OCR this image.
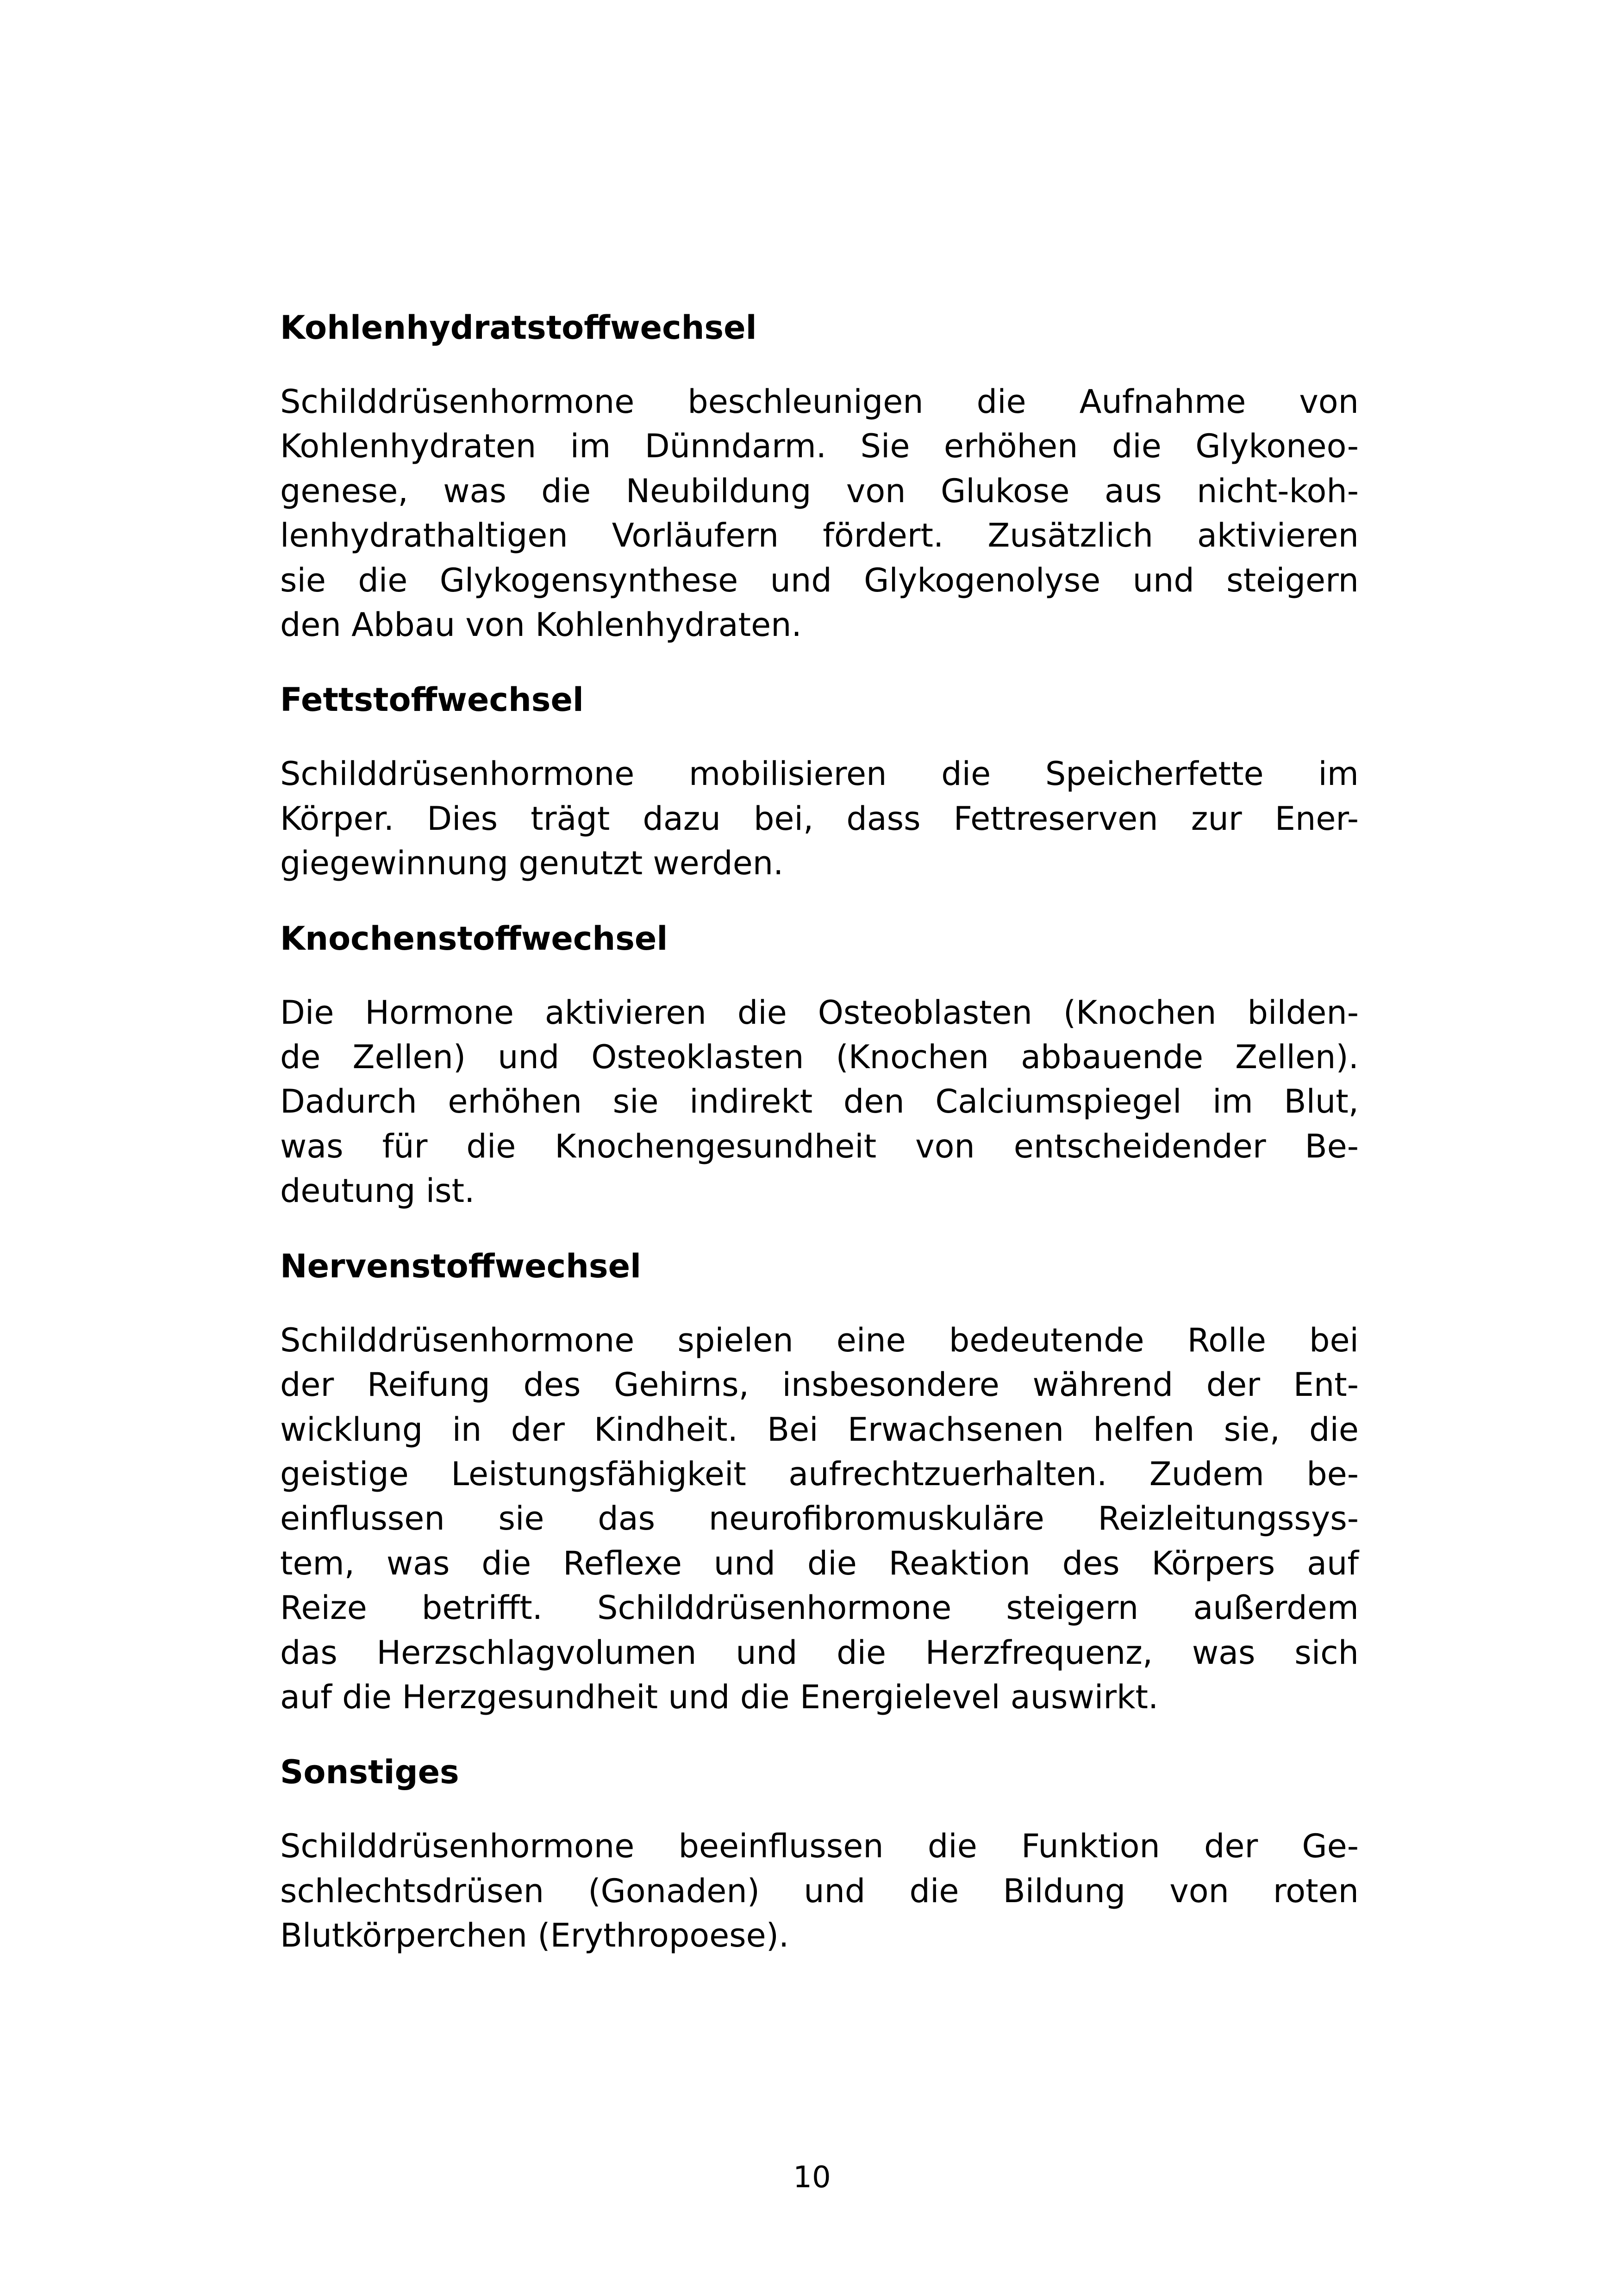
Kohlenhydratstoffwechsel
Schilddrüsenhormone beschleunigen die Aufnahme von
Kohlenhydraten im Dünndarm. Sie erhöhen die Glykoneo-
genese, was die Neubildung von Glukose aus nicht-koh-
lenhydrathaltigen Vorläufern fördert. Zusätzlich aktivieren
sie die Glykogensynthese und Glykogenolyse und steigern
den Abbau von Kohlenhydraten.
Fettstoffwechsel
Schilddrüsenhormone mobilisieren die Speicherfette im
Körper. Dies trägt dazu bei, dass Fettreserven zur Ener-
giegewinnung genutzt werden.
Knochenstoffwechsel
Die Hormone aktivieren die Osteoblasten (Knochen bilden-
de Zellen) und Osteoklasten (Knochen abbauende Zellen).
Dadurch erhöhen sie indirekt den Calciumspiegel im Blut,
was für die Knochengesundheit von entscheidender Be-
deutung ist.
Nervenstoffwechsel
Schilddrüsenhormone spielen eine bedeutende Rolle bei
der Reifung des Gehirns, insbesondere während der Ent-
wicklung in der Kindheit. Bei Erwachsenen helfen sie, die
geistige Leistungsfähigkeit aufrechtzuerhalten. Zudem be-
einflussen sie das neurofibromuskuläre Reizleitungssys-
tem, was die Reflexe und die Reaktion des Körpers auf
Reize betrifft. Schilddrüsenhormone steigern außerdem
das Herzschlagvolumen und die Herzfrequenz, was sich
auf die Herzgesundheit und die Energielevel auswirkt.
Sonstiges
Schilddrüsenhormone beeinflussen die Funktion der Ge-
schlechtsdrüsen (Gonaden) und die Bildung von roten
Blutkörperchen (Erythropoese).
10
